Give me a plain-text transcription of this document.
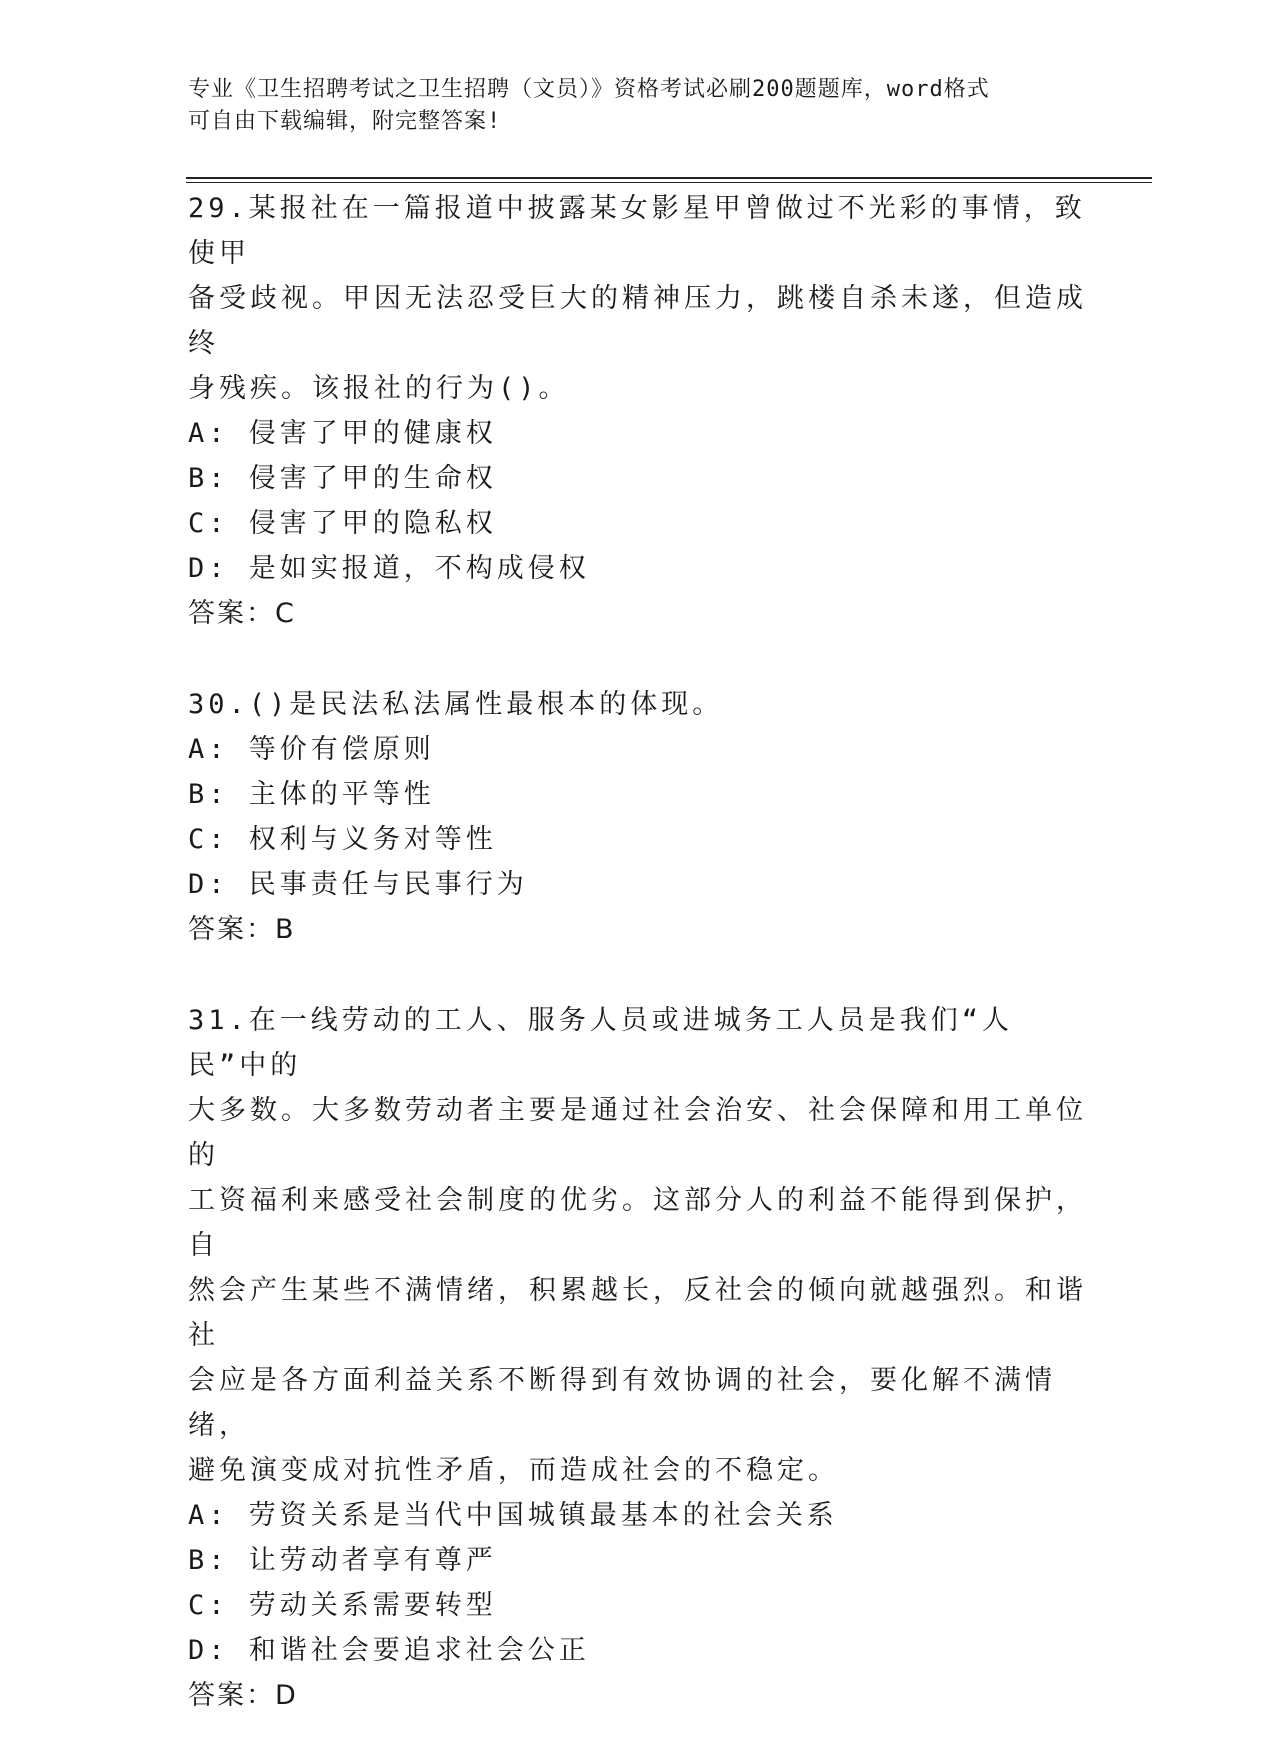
专业《卫生招聘考试之卫生招聘（文员）》资格考试必刷200题题库，word格式
可自由下载编辑，附完整答案!

29.某报社在一篇报道中披露某女影星甲曾做过不光彩的事情，致使甲

备受歧视。甲因无法忍受巨大的精神压力，跳楼自杀未遂，但造成终

身残疾。该报社的行为()。

A: 侵害了甲的健康权

B: 侵害了甲的生命权

C: 侵害了甲的隐私权

D: 是如实报道，不构成侵权

答案：C

30.()是民法私法属性最根本的体现。

A: 等价有偿原则

B: 主体的平等性

C: 权利与义务对等性

D: 民事责任与民事行为

答案：B

31.在一线劳动的工人、服务人员或进城务工人员是我们“人民”中的

大多数。大多数劳动者主要是通过社会治安、社会保障和用工单位的

工资福利来感受社会制度的优劣。这部分人的利益不能得到保护，自

然会产生某些不满情绪，积累越长，反社会的倾向就越强烈。和谐社

会应是各方面利益关系不断得到有效协调的社会，要化解不满情绪，

避免演变成对抗性矛盾，而造成社会的不稳定。

A: 劳资关系是当代中国城镇最基本的社会关系

B: 让劳动者享有尊严

C: 劳动关系需要转型

D: 和谐社会要追求社会公正

答案：D
